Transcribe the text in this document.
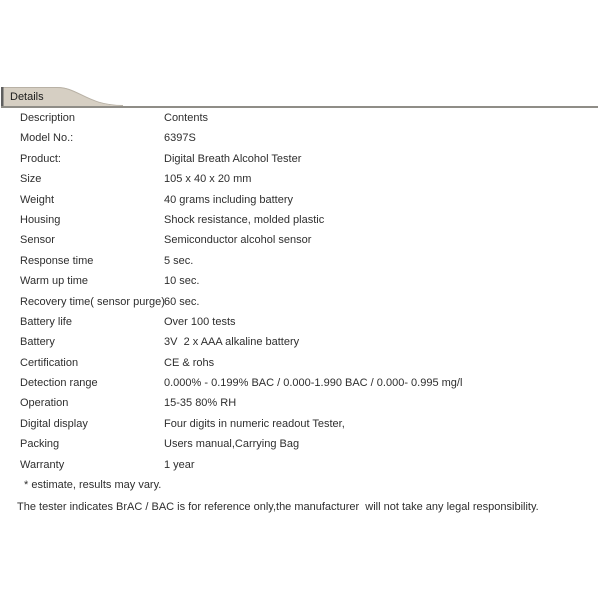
Details
Description	Contents
Model No.:	6397S
Product:	Digital Breath Alcohol Tester
Size	105 x 40 x 20 mm
Weight	40 grams including battery
Housing	Shock resistance, molded plastic
Sensor	Semiconductor alcohol sensor
Response time	5 sec.
Warm up time	10 sec.
Recovery time( sensor purge) 60 sec.
Battery life	Over 100 tests
Battery	3V  2 x AAA alkaline battery
Certification	CE & rohs
Detection range	0.000% - 0.199% BAC / 0.000-1.990 BAC / 0.000- 0.995 mg/l
Operation	15-35 80% RH
Digital display	Four digits in numeric readout Tester,
Packing	Users manual,Carrying Bag
Warranty	1 year
* estimate, results may vary.
The tester indicates BrAC / BAC is for reference only,the manufacturer  will not take any legal responsibility.
